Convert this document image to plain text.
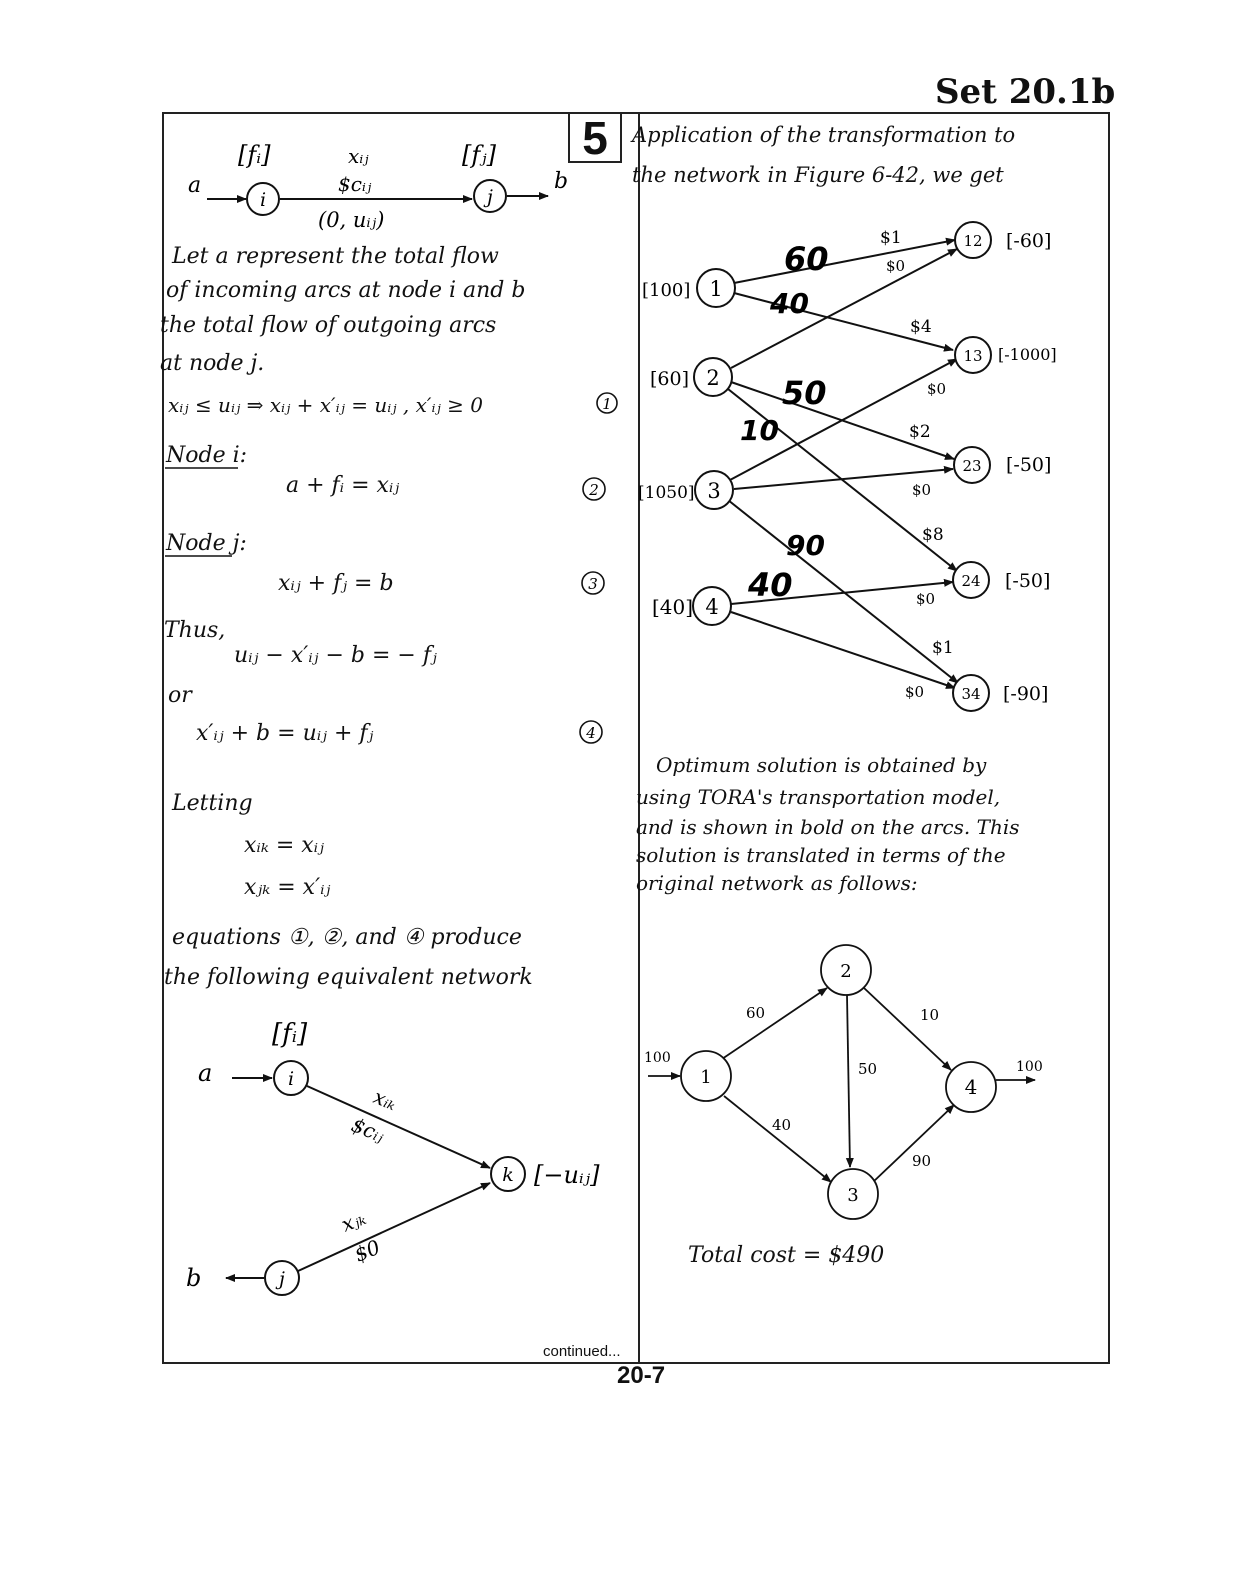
Set 20.1b
5
[fᵢ]	xᵢⱼ	[fⱼ]
a
i
$cᵢⱼ
j
b
(0, uᵢⱼ)
1
2
3
4
[fᵢ]
a	i
xᵢₖ
$cᵢⱼ
k [−uᵢⱼ]
xⱼₖ
$0
j
b
1
[100]
2
[60]
3
[1050]
4
[40]
12 [-60]
13 [-1000]
23 [-50]
24 [-50]
34 [-90]
$1
$0
$4
$0
$2
$0
$8
$0
$1
$0
60
40
50
10
90
40
100
100
1
2
3
4
60
40
50
10
90
Let a represent the total flow
of incoming arcs at node i and b
the total flow of outgoing arcs
at node j.
xᵢⱼ ≤ uᵢⱼ ⇒ xᵢⱼ + x′ᵢⱼ = uᵢⱼ , x′ᵢⱼ ≥ 0
Node i:
a + fᵢ = xᵢⱼ
Node j:
xᵢⱼ + fⱼ = b
Thus,
uᵢⱼ − x′ᵢⱼ − b = − fⱼ
or
x′ᵢⱼ + b = uᵢⱼ + fⱼ
Letting
xᵢₖ = xᵢⱼ
xⱼₖ = x′ᵢⱼ
equations ①, ②, and ④ produce
the following equivalent network
Application of the transformation to
the network in Figure 6-42, we get
Optimum solution is obtained by
using TORA's transportation model,
and is shown in bold on the arcs. This
solution is translated in terms of the
original network as follows:
Total cost = $490
continued...
20-7
